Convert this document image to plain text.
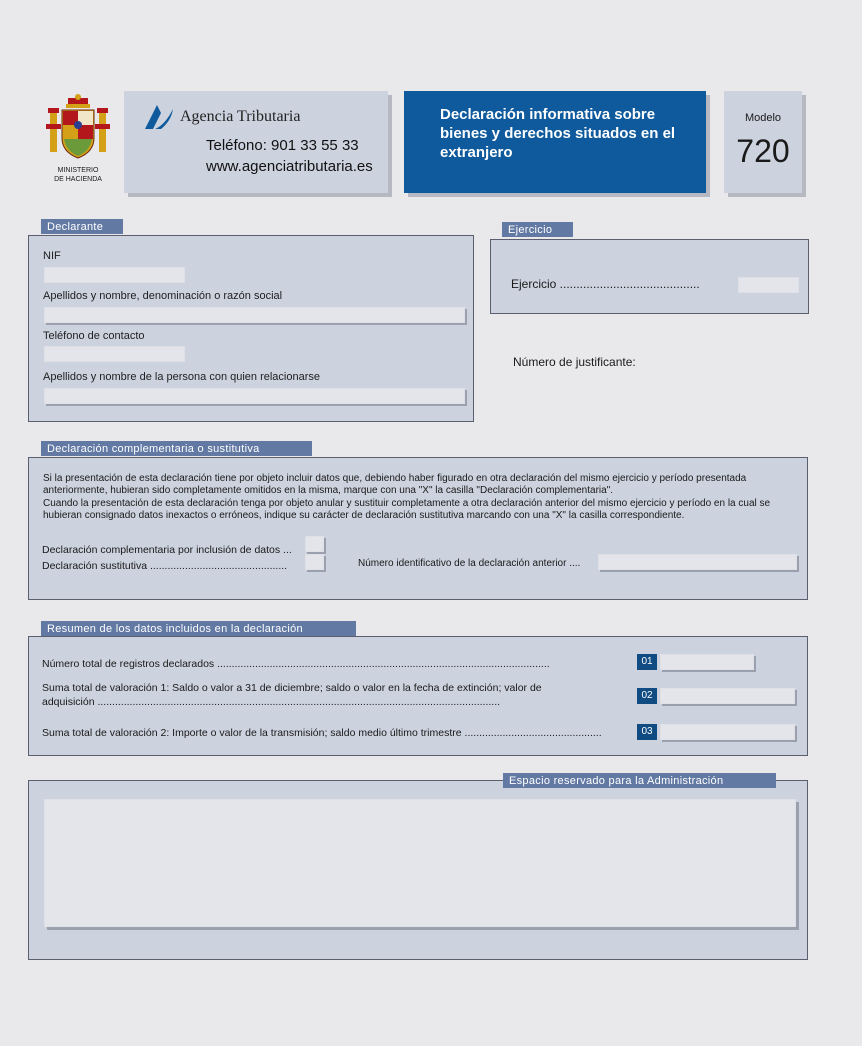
MINISTERIO
DE HACIENDA
Agencia Tributaria
Teléfono: 901 33 55 33
www.agenciatributaria.es
Declaración informativa sobre bienes y derechos situados en el extranjero
Modelo
720
NIF
Apellidos y nombre, denominación o razón social
Teléfono de contacto
Apellidos y nombre de la persona con quien relacionarse
Declarante
Ejercicio ..........................................
Ejercicio
Número de justificante:
Si la presentación de esta declaración tiene por objeto incluir datos que, debiendo haber figurado en otra declaración del mismo ejercicio y período presentada anteriormente, hubieran sido completamente omitidos en la misma, marque con una "X" la casilla "Declaración complementaria".
Cuando la presentación de esta declaración tenga por objeto anular y sustituir completamente a otra declaración anterior del mismo ejercicio y período en la cual se hubieran consignado datos inexactos o erróneos, indique su carácter de declaración sustitutiva marcando con una "X" la casilla correspondiente.
Declaración complementaria por inclusión de datos ...
Declaración sustitutiva ...............................................	Número identificativo de la declaración anterior ....
Declaración complementaria o sustitutiva
Número total de registros declarados ..................................................................................................................	01
Suma total de valoración 1: Saldo o valor a 31 de diciembre; saldo o valor en la fecha de extinción; valor de
adquisición ..........................................................................................................................................
02
Suma total de valoración 2: Importe o valor de la transmisión; saldo medio último trimestre ...............................................	03
Resumen de los datos incluidos en la declaración
Espacio reservado para la Administración
